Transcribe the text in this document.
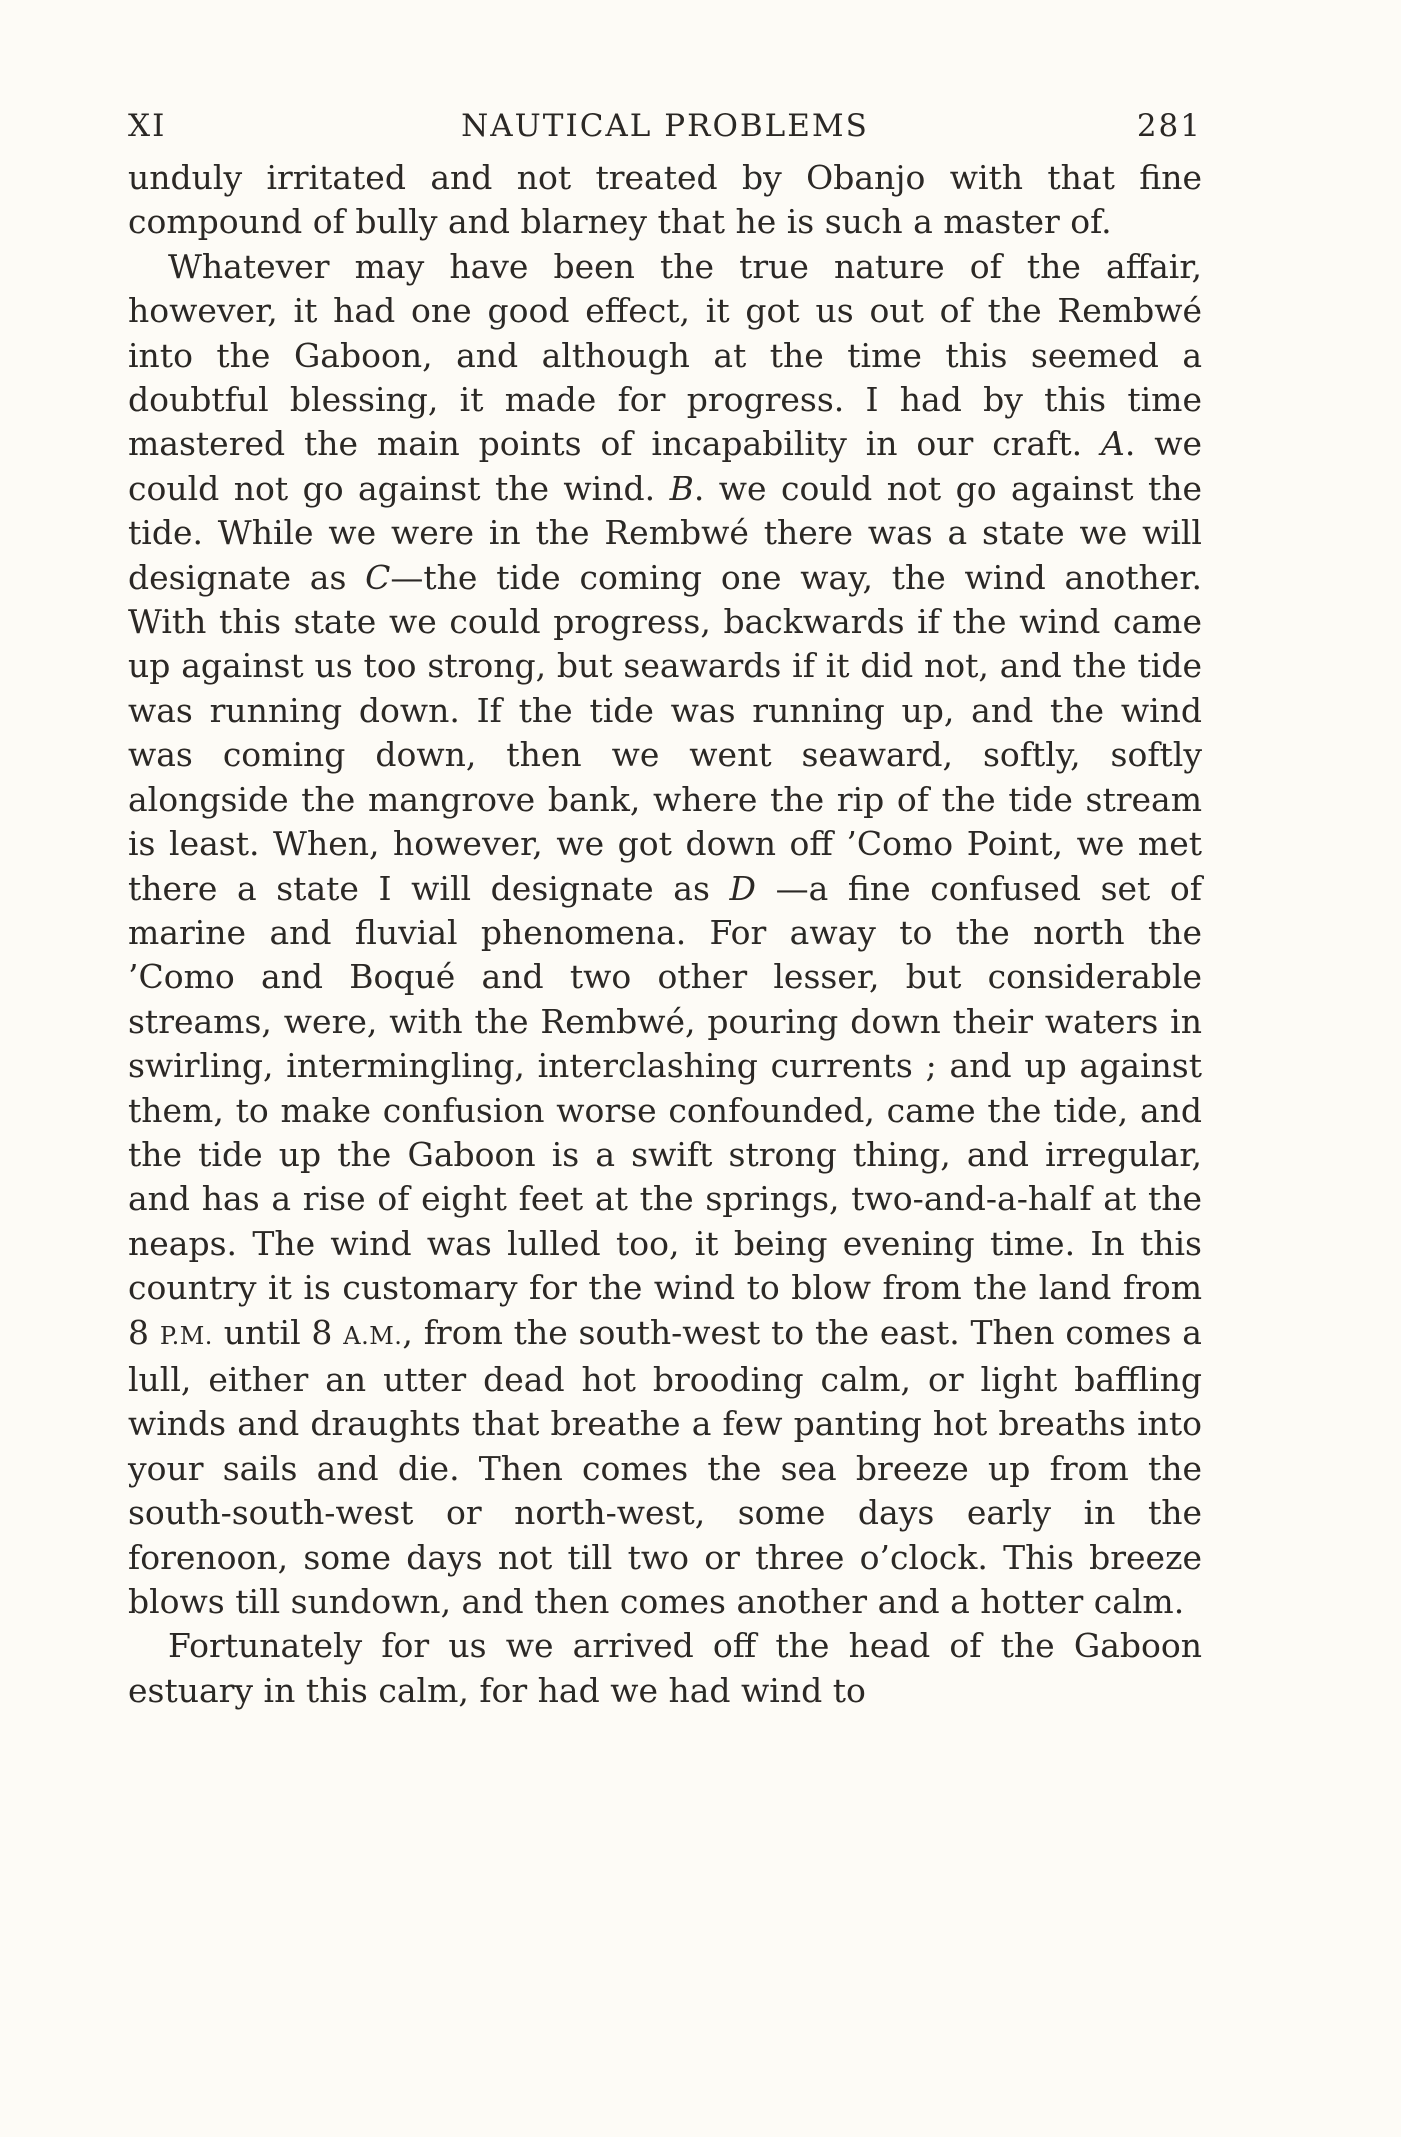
XI	NAUTICAL PROBLEMS	281

unduly irritated and not treated by Obanjo with that fine compound of bully and blarney that he is such a master of.

Whatever may have been the true nature of the affair, however, it had one good effect, it got us out of the Rembwé into the Gaboon, and although at the time this seemed a doubtful blessing, it made for progress. I had by this time mastered the main points of incapability in our craft. A. we could not go against the wind. B. we could not go against the tide. While we were in the Rembwé there was a state we will designate as C—the tide coming one way, the wind another. With this state we could progress, backwards if the wind came up against us too strong, but seawards if it did not, and the tide was running down. If the tide was running up, and the wind was coming down, then we went seaward, softly, softly alongside the mangrove bank, where the rip of the tide stream is least. When, however, we got down off ’Como Point, we met there a state I will designate as D —a fine confused set of marine and fluvial phenomena. For away to the north the ’Como and Boqué and two other lesser, but considerable streams, were, with the Rembwé, pouring down their waters in swirling, intermingling, interclashing currents ; and up against them, to make confusion worse confounded, came the tide, and the tide up the Gaboon is a swift strong thing, and irregular, and has a rise of eight feet at the springs, two-and-a-half at the neaps. The wind was lulled too, it being evening time. In this country it is customary for the wind to blow from the land from 8 P.M. until 8 A.M., from the south-west to the east. Then comes a lull, either an utter dead hot brooding calm, or light baffling winds and draughts that breathe a few panting hot breaths into your sails and die. Then comes the sea breeze up from the south-south-west or north-west, some days early in the forenoon, some days not till two or three o’clock. This breeze blows till sundown, and then comes another and a hotter calm.

Fortunately for us we arrived off the head of the Gaboon estuary in this calm, for had we had wind to
